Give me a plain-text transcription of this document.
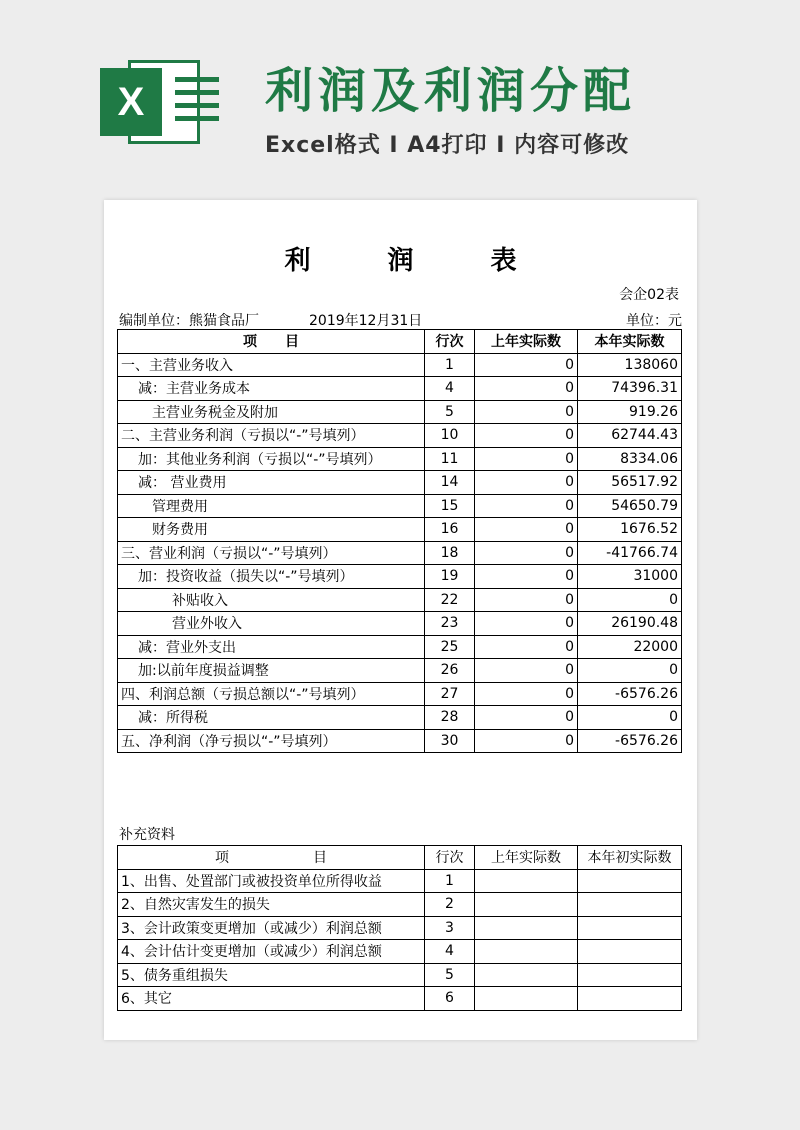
X	利润及利润分配
Excel格式 I A4打印 I 内容可修改
利 润 表
会企02表
编制单位：熊猫食品厂	2019年12月31日	单位：元
项　　目	行次	上年实际数	本年实际数
一、主营业务收入	1	0	138060
减：主营业务成本	4	0	74396.31
主营业务税金及附加	5	0	919.26
二、主营业务利润（亏损以“-”号填列）	10	0	62744.43
加：其他业务利润（亏损以“-”号填列）	11	0	8334.06
减： 营业费用	14	0	56517.92
管理费用	15	0	54650.79
财务费用	16	0	1676.52
三、营业利润（亏损以“-”号填列）	18	0	-41766.74
加：投资收益（损失以“-”号填列）	19	0	31000
补贴收入	22	0	0
营业外收入	23	0	26190.48
减：营业外支出	25	0	22000
加:以前年度损益调整	26	0	0
四、利润总额（亏损总额以“-”号填列）	27	0	-6576.26
减：所得税	28	0	0
五、净利润（净亏损以“-”号填列）	30	0	-6576.26
补充资料
项　　　　　　目	行次	上年实际数	本年初实际数
1、出售、处置部门或被投资单位所得收益	1		
2、自然灾害发生的损失	2		
3、会计政策变更增加（或减少）利润总额	3		
4、会计估计变更增加（或减少）利润总额	4		
5、债务重组损失	5		
6、其它	6		
